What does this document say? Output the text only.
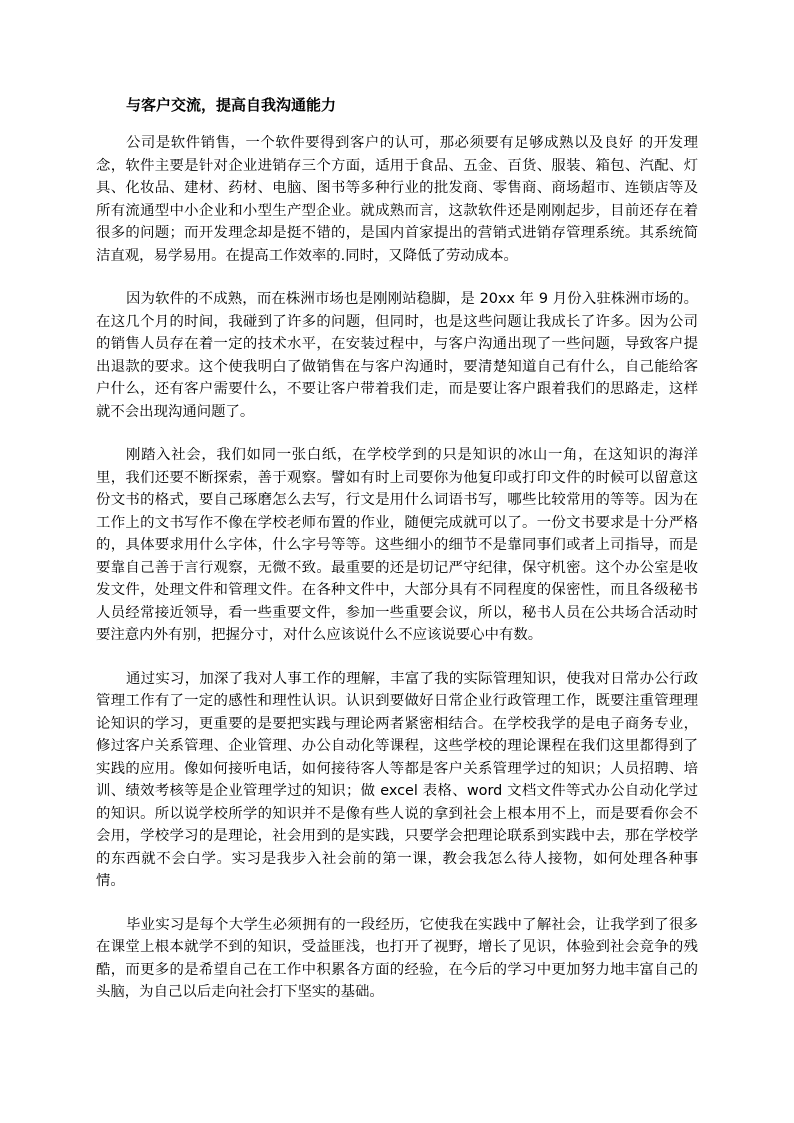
与客户交流，提高自我沟通能力

公司是软件销售，一个软件要得到客户的认可，那必须要有足够成熟以及良好 的开发理念，软件主要是针对企业进销存三个方面，适用于食品、五金、百货、服装、箱包、汽配、灯具、化妆品、建材、药材、电脑、图书等多种行业的批发商、零售商、商场超市、连锁店等及所有流通型中小企业和小型生产型企业。就成熟而言，这款软件还是刚刚起步，目前还存在着很多的问题；而开发理念却是挺不错的，是国内首家提出的营销式进销存管理系统。其系统简洁直观，易学易用。在提高工作效率的.同时，又降低了劳动成本。

因为软件的不成熟，而在株洲市场也是刚刚站稳脚，是 20xx 年 9 月份入驻株洲市场的。在这几个月的时间，我碰到了许多的问题，但同时，也是这些问题让我成长了许多。因为公司的销售人员存在着一定的技术水平，在安装过程中，与客户沟通出现了一些问题，导致客户提出退款的要求。这个使我明白了做销售在与客户沟通时，要清楚知道自己有什么，自己能给客户什么，还有客户需要什么，不要让客户带着我们走，而是要让客户跟着我们的思路走，这样就不会出现沟通问题了。

刚踏入社会，我们如同一张白纸，在学校学到的只是知识的冰山一角，在这知识的海洋里，我们还要不断探索，善于观察。譬如有时上司要你为他复印或打印文件的时候可以留意这份文书的格式，要自己琢磨怎么去写，行文是用什么词语书写，哪些比较常用的等等。因为在工作上的文书写作不像在学校老师布置的作业，随便完成就可以了。一份文书要求是十分严格的，具体要求用什么字体，什么字号等等。这些细小的细节不是靠同事们或者上司指导，而是要靠自己善于言行观察，无微不致。最重要的还是切记严守纪律，保守机密。这个办公室是收发文件，处理文件和管理文件。在各种文件中，大部分具有不同程度的保密性，而且各级秘书人员经常接近领导，看一些重要文件，参加一些重要会议，所以，秘书人员在公共场合活动时要注意内外有别，把握分寸，对什么应该说什么不应该说要心中有数。

通过实习，加深了我对人事工作的理解，丰富了我的实际管理知识，使我对日常办公行政管理工作有了一定的感性和理性认识。认识到要做好日常企业行政管理工作，既要注重管理理论知识的学习，更重要的是要把实践与理论两者紧密相结合。在学校我学的是电子商务专业，修过客户关系管理、企业管理、办公自动化等课程，这些学校的理论课程在我们这里都得到了实践的应用。像如何接听电话，如何接待客人等都是客户关系管理学过的知识；人员招聘、培训、绩效考核等是企业管理学过的知识；做 excel 表格、word 文档文件等式办公自动化学过的知识。所以说学校所学的知识并不是像有些人说的拿到社会上根本用不上，而是要看你会不会用，学校学习的是理论，社会用到的是实践，只要学会把理论联系到实践中去，那在学校学的东西就不会白学。实习是我步入社会前的第一课，教会我怎么待人接物，如何处理各种事情。

毕业实习是每个大学生必须拥有的一段经历，它使我在实践中了解社会，让我学到了很多在课堂上根本就学不到的知识，受益匪浅，也打开了视野，增长了见识，体验到社会竞争的残酷，而更多的是希望自己在工作中积累各方面的经验，在今后的学习中更加努力地丰富自己的头脑，为自己以后走向社会打下坚实的基础。
